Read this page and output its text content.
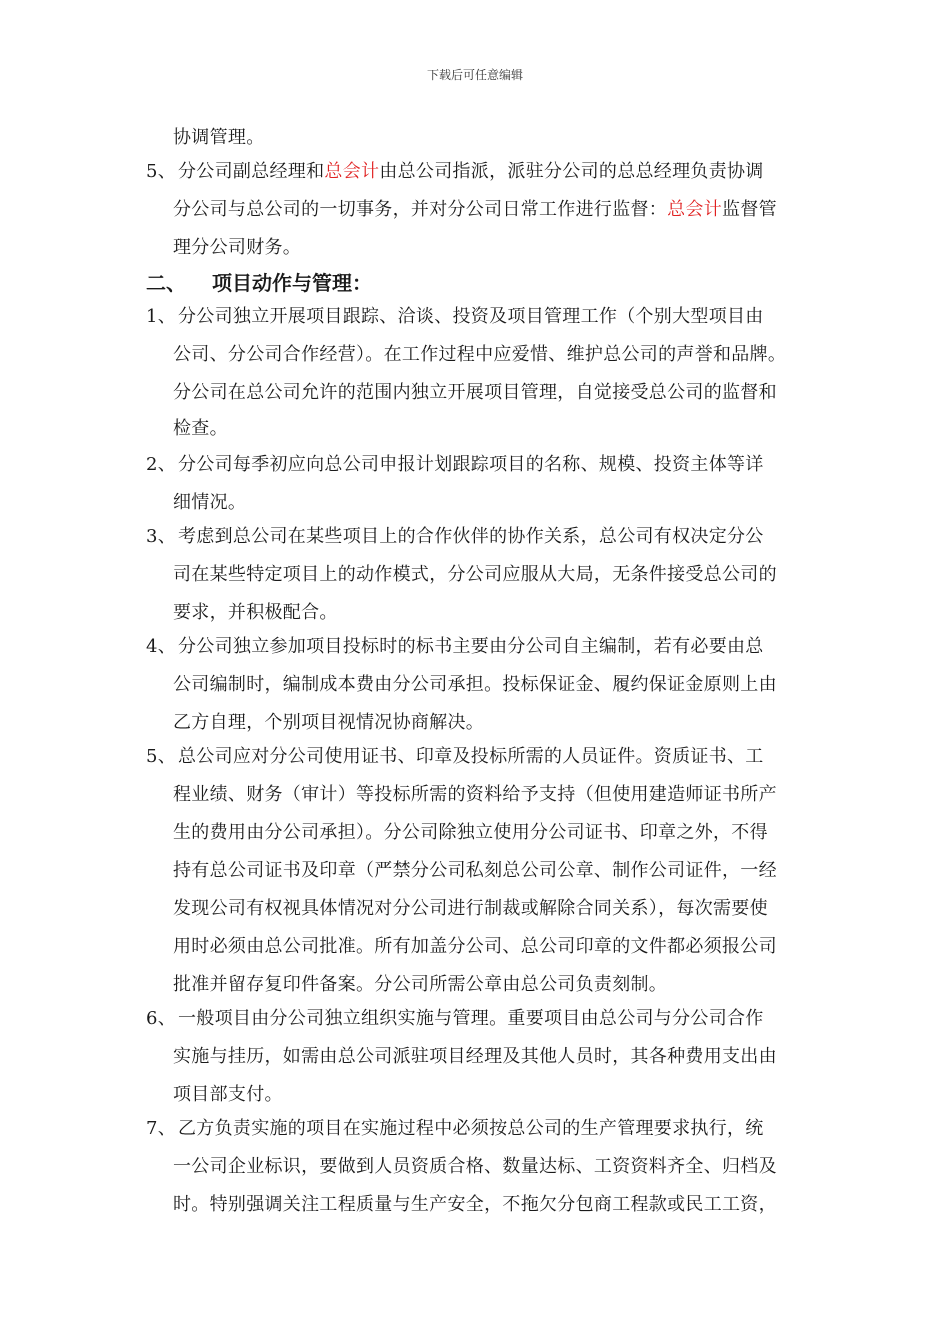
下载后可任意编辑
协调管理。
5、 分公司副总经理和总会计由总公司指派，派驻分公司的总总经理负责协调
分公司与总公司的一切事务，并对分公司日常工作进行监督：总会计监督管
理分公司财务。
二、 项目动作与管理：
1、 分公司独立开展项目跟踪、洽谈、投资及项目管理工作（个别大型项目由
公司、分公司合作经营）。在工作过程中应爱惜、维护总公司的声誉和品牌。
分公司在总公司允许的范围内独立开展项目管理，自觉接受总公司的监督和
检查。
2、 分公司每季初应向总公司申报计划跟踪项目的名称、规模、投资主体等详
细情况。
3、 考虑到总公司在某些项目上的合作伙伴的协作关系，总公司有权决定分公
司在某些特定项目上的动作模式，分公司应服从大局，无条件接受总公司的
要求，并积极配合。
4、 分公司独立参加项目投标时的标书主要由分公司自主编制，若有必要由总
公司编制时，编制成本费由分公司承担。投标保证金、履约保证金原则上由
乙方自理，个别项目视情况协商解决。
5、 总公司应对分公司使用证书、印章及投标所需的人员证件。资质证书、工
程业绩、财务（审计）等投标所需的资料给予支持（但使用建造师证书所产
生的费用由分公司承担）。分公司除独立使用分公司证书、印章之外，不得
持有总公司证书及印章（严禁分公司私刻总公司公章、制作公司证件，一经
发现公司有权视具体情况对分公司进行制裁或解除合同关系），每次需要使
用时必须由总公司批准。所有加盖分公司、总公司印章的文件都必须报公司
批准并留存复印件备案。分公司所需公章由总公司负责刻制。
6、 一般项目由分公司独立组织实施与管理。重要项目由总公司与分公司合作
实施与挂历，如需由总公司派驻项目经理及其他人员时，其各种费用支出由
项目部支付。
7、 乙方负责实施的项目在实施过程中必须按总公司的生产管理要求执行，统
一公司企业标识，要做到人员资质合格、数量达标、工资资料齐全、归档及
时。特别强调关注工程质量与生产安全，不拖欠分包商工程款或民工工资，
